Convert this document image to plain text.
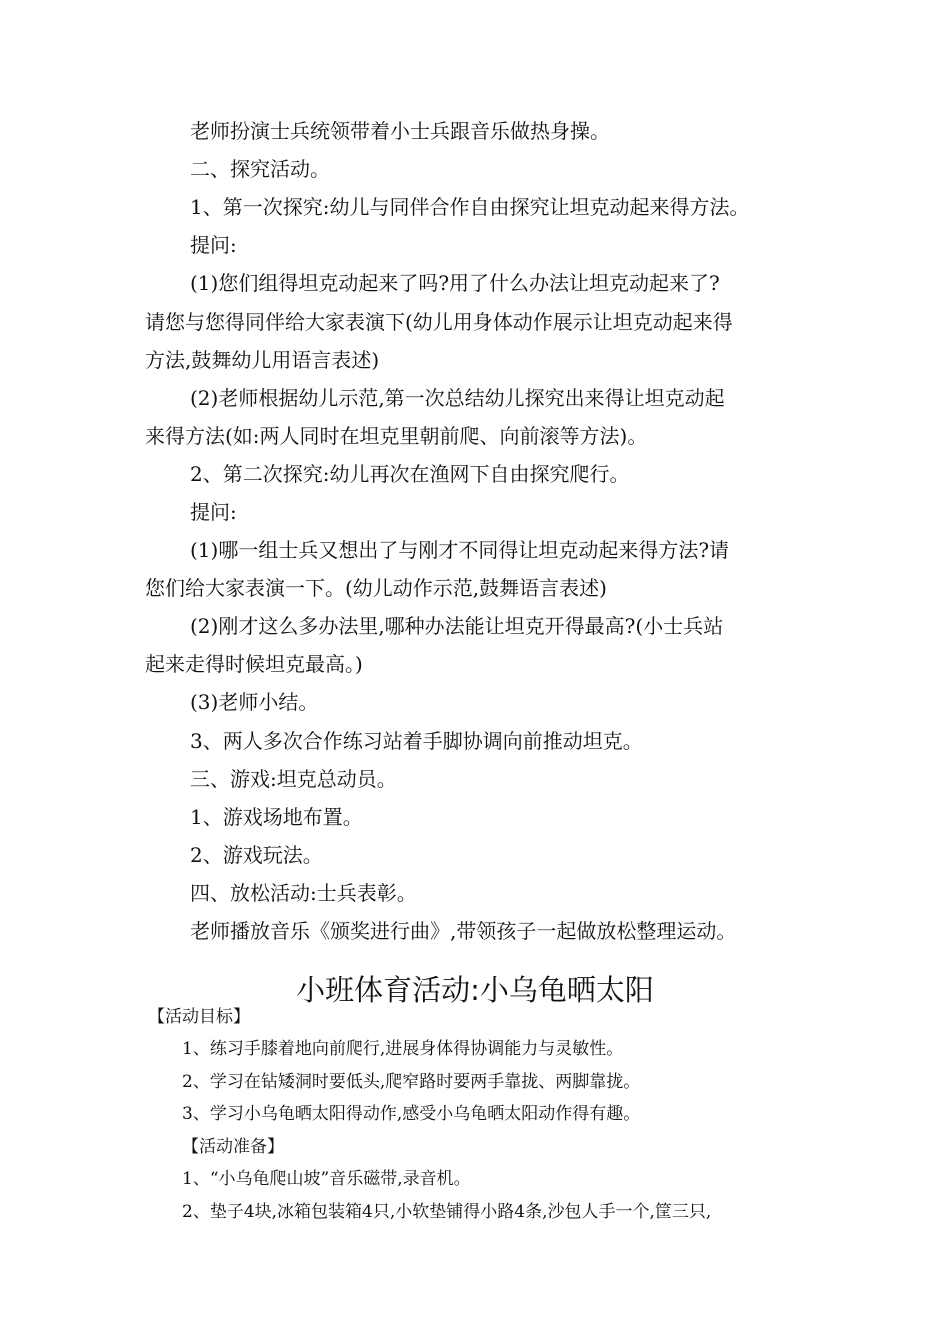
老师扮演士兵统领带着小士兵跟音乐做热身操。
二、探究活动。
1、第一次探究:幼儿与同伴合作自由探究让坦克动起来得方法。
提问:
(1)您们组得坦克动起来了吗?用了什么办法让坦克动起来了?
请您与您得同伴给大家表演下(幼儿用身体动作展示让坦克动起来得
方法,鼓舞幼儿用语言表述)
(2)老师根据幼儿示范,第一次总结幼儿探究出来得让坦克动起
来得方法(如:两人同时在坦克里朝前爬、向前滚等方法)。
2、第二次探究:幼儿再次在渔网下自由探究爬行。
提问:
(1)哪一组士兵又想出了与刚才不同得让坦克动起来得方法?请
您们给大家表演一下。(幼儿动作示范,鼓舞语言表述)
(2)刚才这么多办法里,哪种办法能让坦克开得最高?(小士兵站
起来走得时候坦克最高。)
(3)老师小结。
3、两人多次合作练习站着手脚协调向前推动坦克。
三、游戏:坦克总动员。
1、游戏场地布置。
2、游戏玩法。
四、放松活动:士兵表彰。
老师播放音乐《颁奖进行曲》,带领孩子一起做放松整理运动。
小班体育活动:小乌龟晒太阳
【活动目标】
1、练习手膝着地向前爬行,进展身体得协调能力与灵敏性。
2、学习在钻矮洞时要低头,爬窄路时要两手靠拢、两脚靠拢。
3、学习小乌龟晒太阳得动作,感受小乌龟晒太阳动作得有趣。
【活动准备】
1、“小乌龟爬山坡”音乐磁带,录音机。
2、垫子4块,冰箱包装箱4只,小软垫铺得小路4条,沙包人手一个,筐三只,
